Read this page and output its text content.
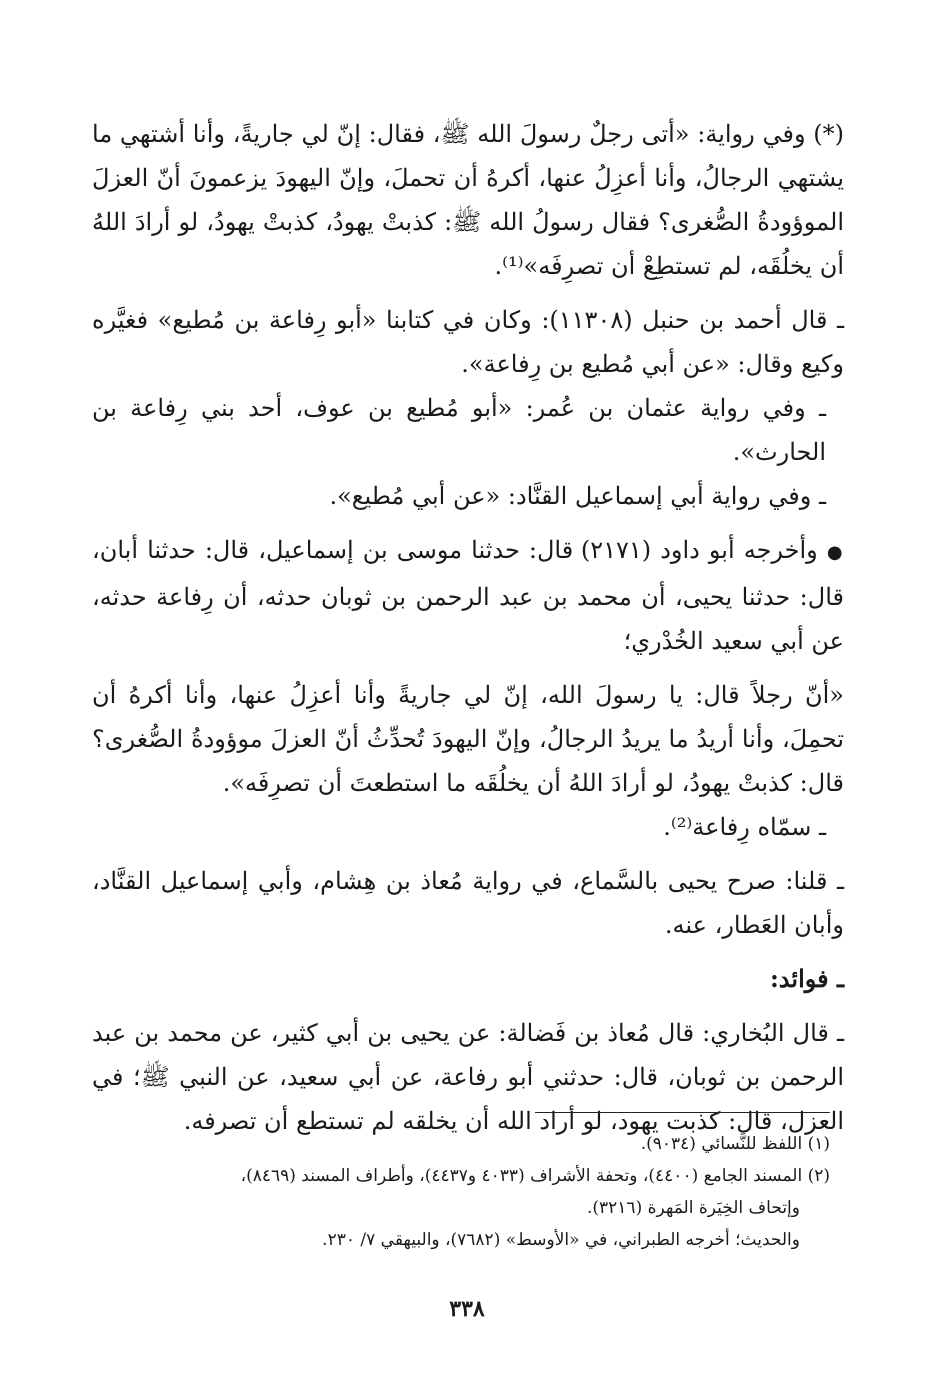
(*) وفي رواية: «أتى رجلٌ رسولَ الله ﷺ، فقال: إنّ لي جاريةً، وأنا أشتهي ما يشتهي الرجالُ، وأنا أعزِلُ عنها، أكرهُ أن تحملَ، وإنّ اليهودَ يزعمونَ أنّ العزلَ الموؤودةُ الصُّغرى؟ فقال رسولُ الله ﷺ: كذبتْ يهودُ، كذبتْ يهودُ، لو أرادَ اللهُ أن يخلُقَه، لم تستطِعْ أن تصرِفَه»⁽¹⁾.

ـ قال أحمد بن حنبل (١١٣٠٨): وكان في كتابنا «أبو رِفاعة بن مُطيع» فغيَّره وكيع وقال: «عن أبي مُطيع بن رِفاعة».

ـ وفي رواية عثمان بن عُمر: «أبو مُطيع بن عوف، أحد بني رِفاعة بن الحارث».

ـ وفي رواية أبي إسماعيل القنَّاد: «عن أبي مُطيع».

● وأخرجه أبو داود (٢١٧١) قال: حدثنا موسى بن إسماعيل، قال: حدثنا أبان، قال: حدثنا يحيى، أن محمد بن عبد الرحمن بن ثوبان حدثه، أن رِفاعة حدثه، عن أبي سعيد الخُدْري؛

«أنّ رجلاً قال: يا رسولَ الله، إنّ لي جاريةً وأنا أعزِلُ عنها، وأنا أكرهُ أن تحمِلَ، وأنا أريدُ ما يريدُ الرجالُ، وإنّ اليهودَ تُحدِّثُ أنّ العزلَ موؤودةُ الصُّغرى؟ قال: كذبتْ يهودُ، لو أرادَ اللهُ أن يخلُقَه ما استطعتَ أن تصرِفَه».

ـ سمّاه رِفاعة⁽²⁾.

ـ قلنا: صرح يحيى بالسَّماع، في رواية مُعاذ بن هِشام، وأبي إسماعيل القنَّاد، وأبان العَطار، عنه.

ـ فوائد:

ـ قال البُخاري: قال مُعاذ بن فَضالة: عن يحيى بن أبي كثير، عن محمد بن عبد الرحمن بن ثوبان، قال: حدثني أبو رفاعة، عن أبي سعيد، عن النبي ﷺ؛ في العزل، قال: كذبت يهود، لو أراد الله أن يخلقه لم تستطع أن تصرفه.

(١) اللفظ للنَّسائي (٩٠٣٤).

(٢) المسند الجامع (٤٤٠٠)، وتحفة الأشراف (٤٠٣٣ و٤٤٣٧)، وأطراف المسند (٨٤٦٩)،

وإتحاف الخِيَرة المَهرة (٣٢١٦).

والحديث؛ أخرجه الطبراني، في «الأوسط» (٧٦٨٢)، والبيهقي ٧/ ٢٣٠.

٣٣٨
